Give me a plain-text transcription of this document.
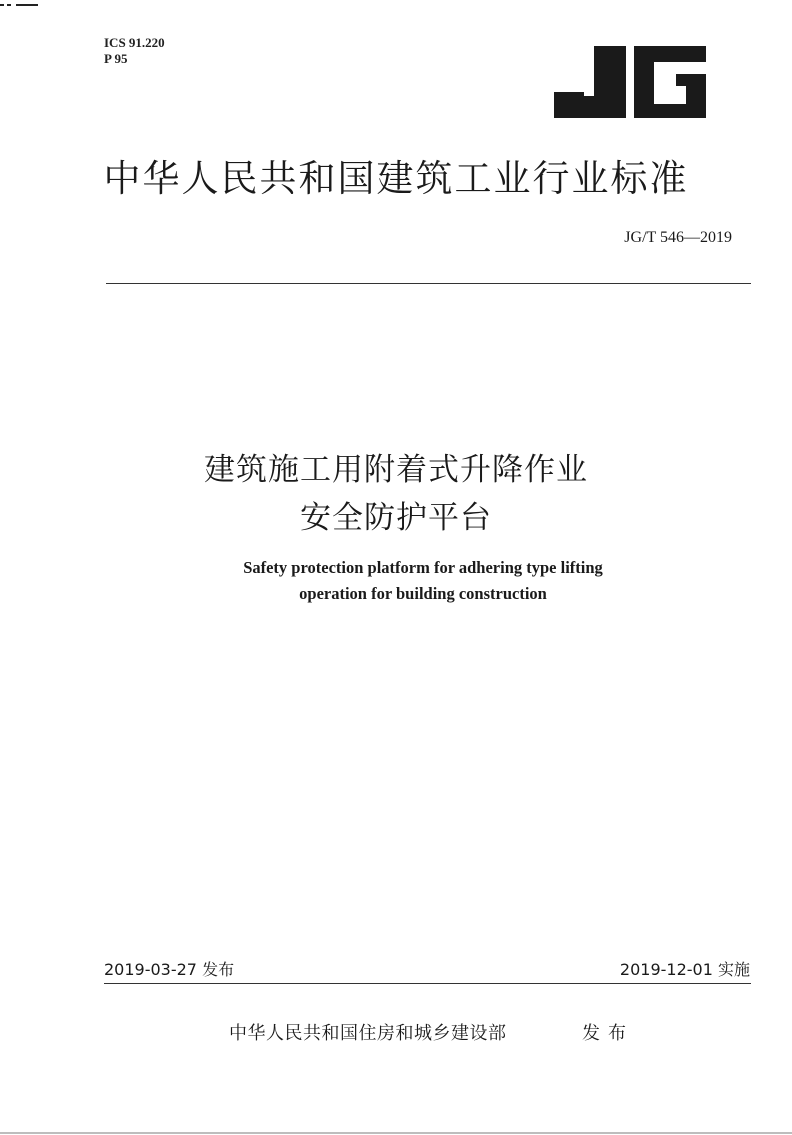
ICS 91.220
P 95
中华人民共和国建筑工业行业标准
JG/T 546—2019
建筑施工用附着式升降作业
安全防护平台
Safety protection platform for adhering type lifting
operation for building construction
2019-03-27 发布	2019-12-01 实施
中华人民共和国住房和城乡建设部	发布
